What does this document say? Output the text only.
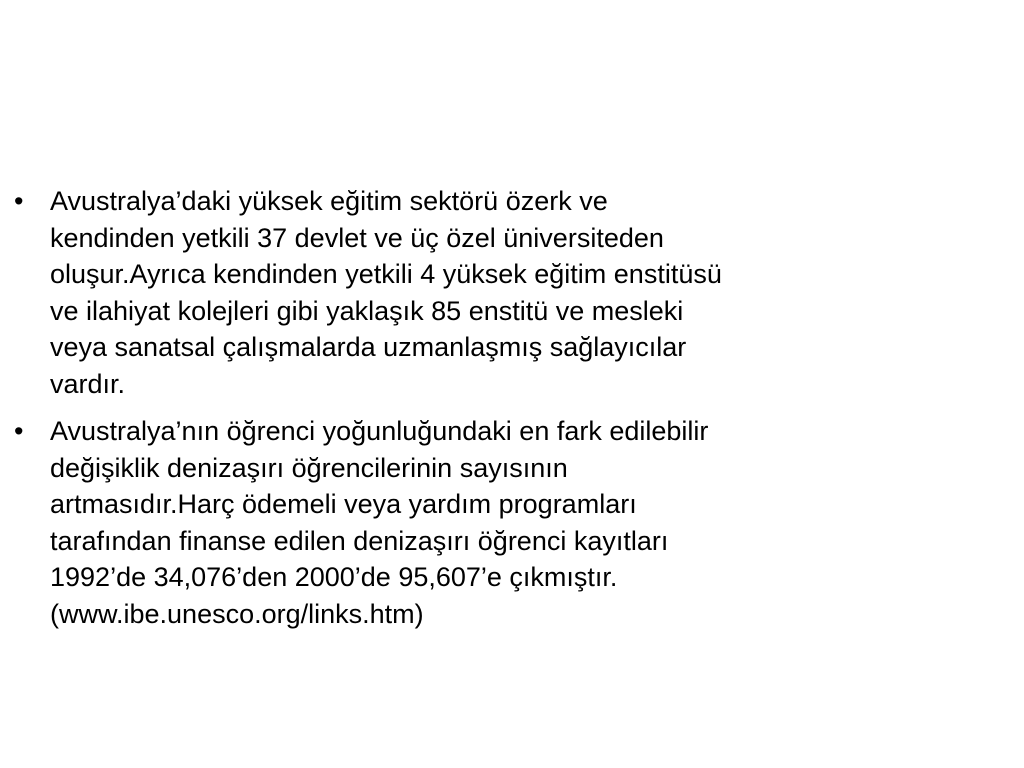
• Avustralya’daki yüksek eğitim sektörü özerk ve
kendinden yetkili 37 devlet ve üç özel üniversiteden
oluşur.Ayrıca kendinden yetkili 4 yüksek eğitim enstitüsü
ve ilahiyat kolejleri gibi yaklaşık 85 enstitü ve mesleki
veya sanatsal çalışmalarda uzmanlaşmış sağlayıcılar
vardır.
• Avustralya’nın öğrenci yoğunluğundaki en fark edilebilir
değişiklik denizaşırı öğrencilerinin sayısının
artmasıdır.Harç ödemeli veya yardım programları
tarafından finanse edilen denizaşırı öğrenci kayıtları
1992’de 34,076’den 2000’de 95,607’e çıkmıştır.
(www.ibe.unesco.org/links.htm)
